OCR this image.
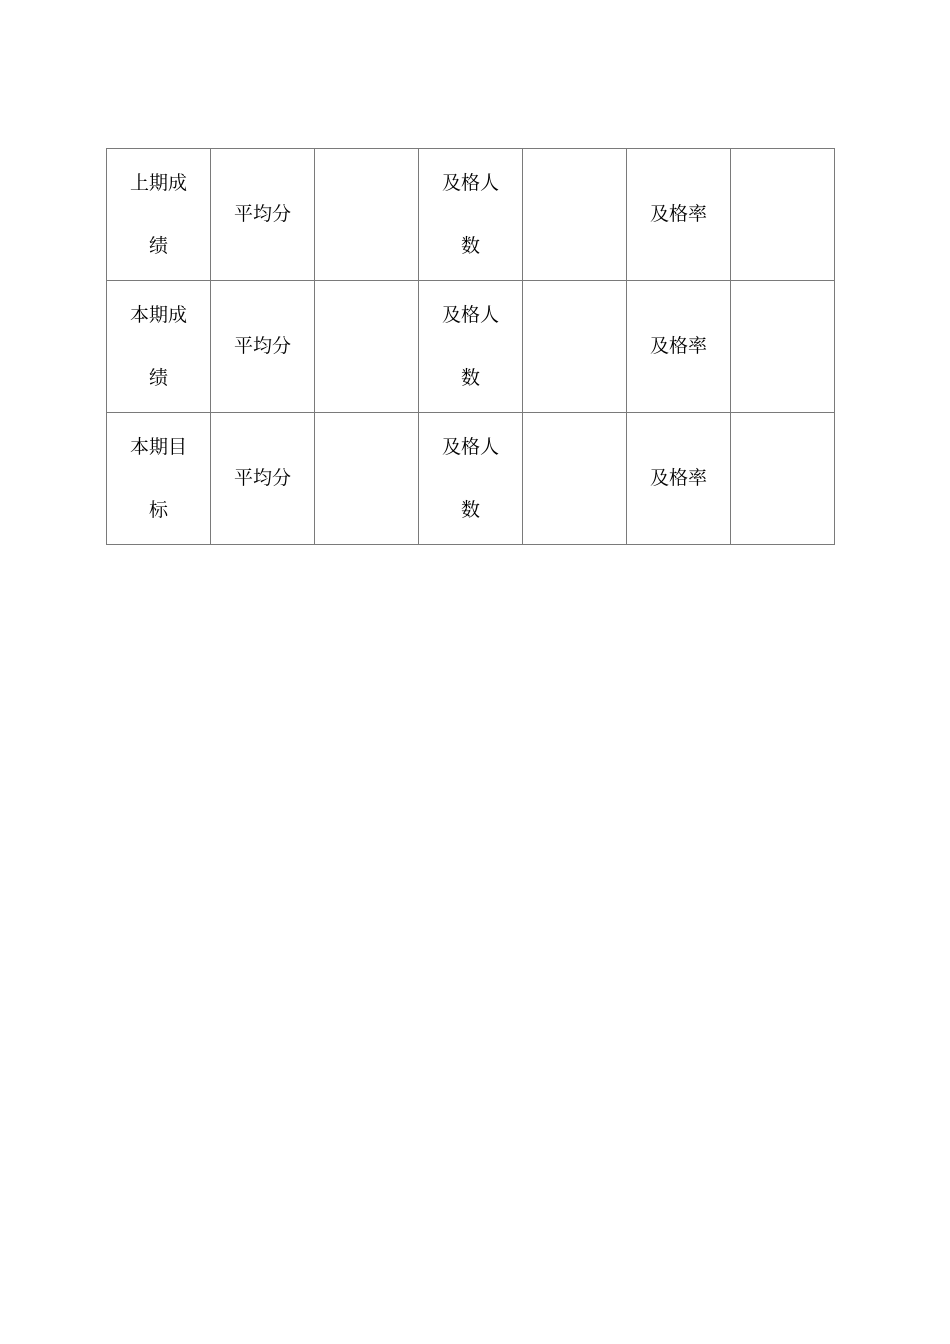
上期成绩	平均分		及格人数		及格率	
本期成绩	平均分		及格人数		及格率	
本期目标	平均分		及格人数		及格率	
